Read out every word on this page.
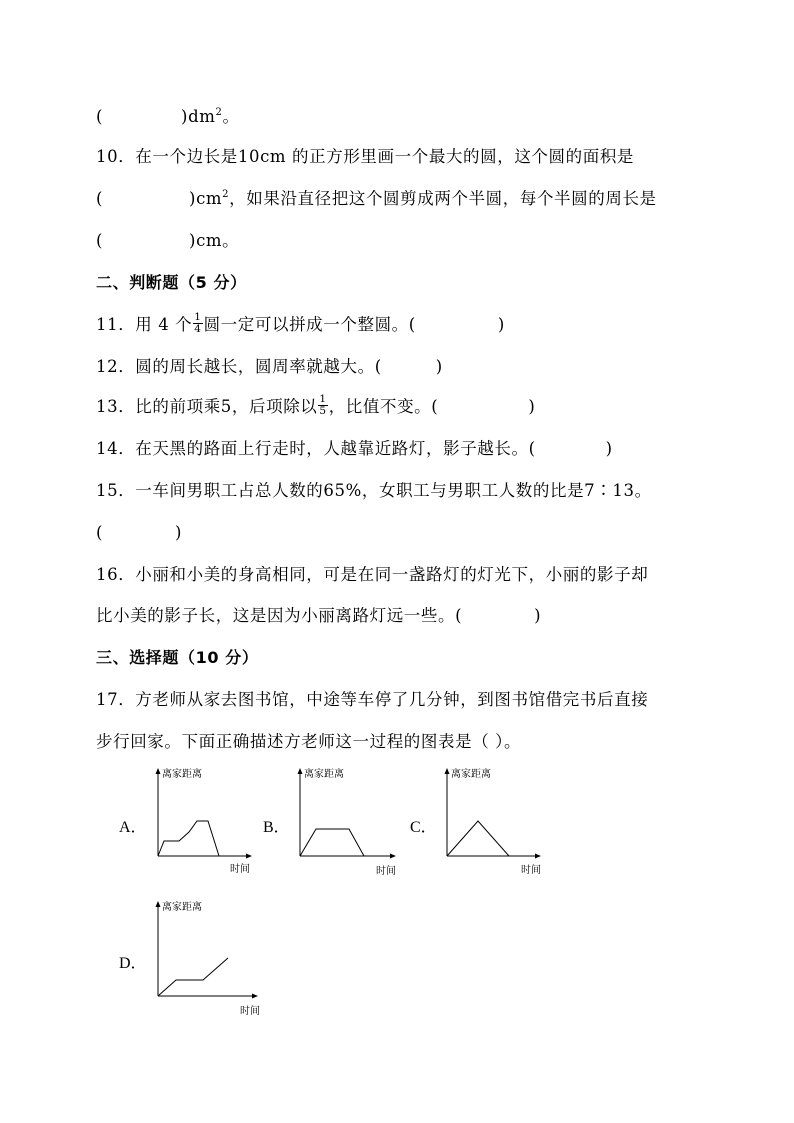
(	)$dm^2$。
10．在一个边长是10cm 的正方形里画一个最大的圆，这个圆的面积是
(	)$cm^2$，如果沿直径把这个圆剪成两个半圆，每个半圆的周长是
(	)cm。
二、判断题（5 分）
11．用 4 个 $\frac{1}{4}$ 圆一定可以拼成一个整圆。(	)
12．圆的周长越长，圆周率就越大。(	)
13．比的前项乘5，后项除以 $\frac{1}{5}$ ，比值不变。(	)
14．在天黑的路面上行走时，人越靠近路灯，影子越长。(	)
15．一车间男职工占总人数的65%，女职工与男职工人数的比是7∶13。
(	)
16．小丽和小美的身高相同，可是在同一盏路灯的灯光下，小丽的影子却
比小美的影子长，这是因为小丽离路灯远一些。(	)
三、选择题（10 分）
17．方老师从家去图书馆，中途等车停了几分钟，到图书馆借完书后直接
步行回家。下面正确描述方老师这一过程的图表是（ ）。
A．
离家距离
时间
B．
离家距离
时间
C．
离家距离
时间
D．
离家距离
时间
